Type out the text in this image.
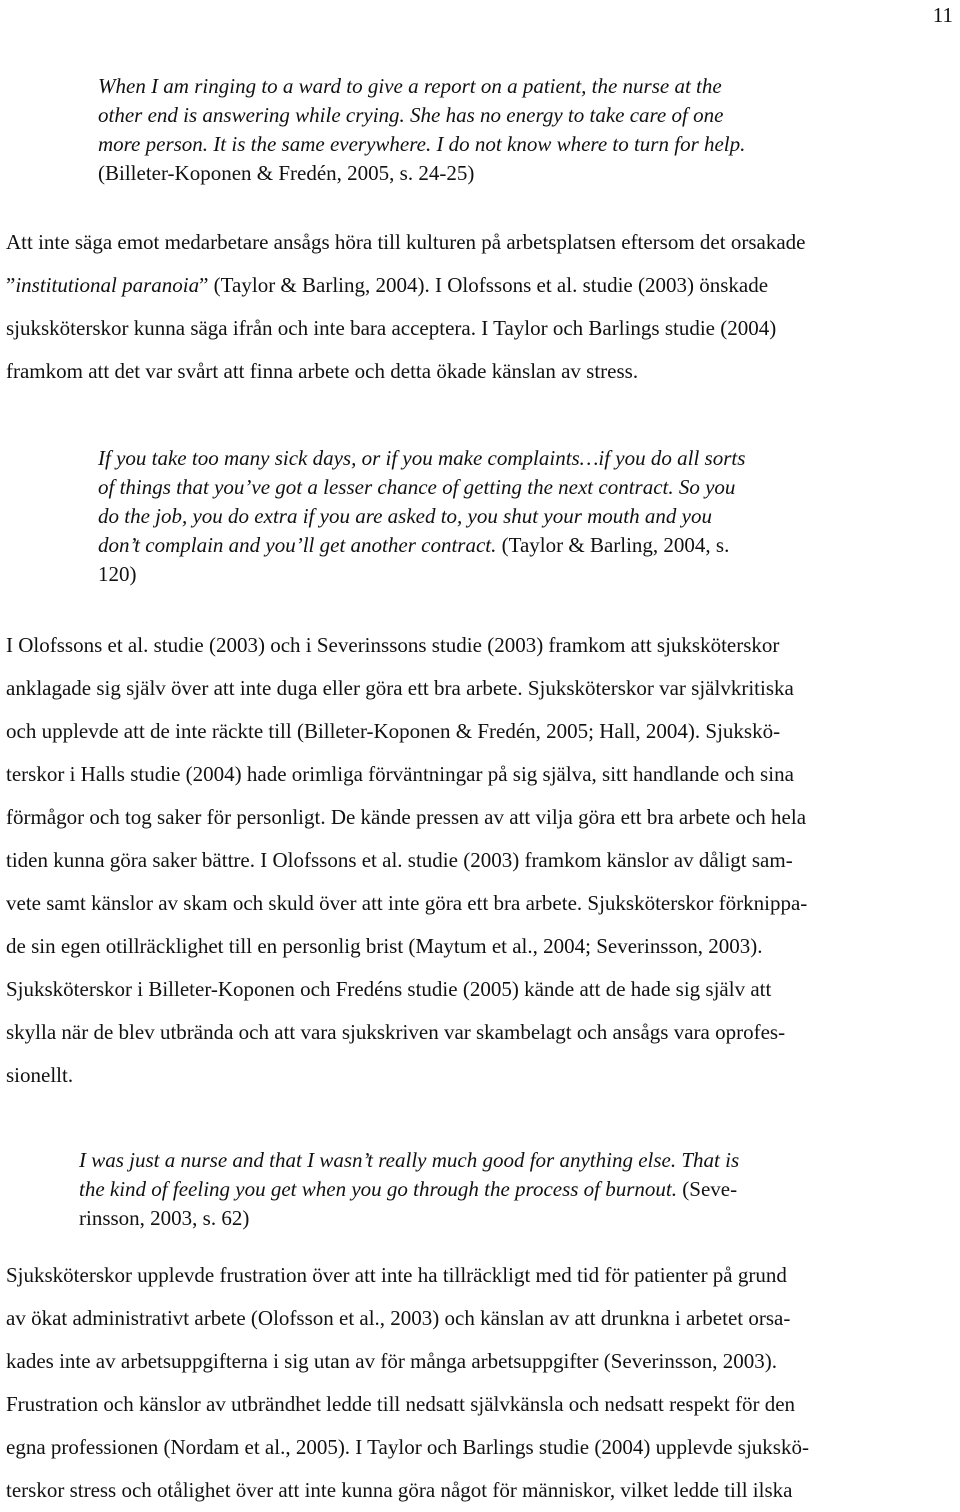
11
When I am ringing to a ward to give a report on a patient, the nurse at the
other end is answering while crying. She has no energy to take care of one
more person. It is the same everywhere. I do not know where to turn for help.
(Billeter-Koponen & Fredén, 2005, s. 24-25)
Att inte säga emot medarbetare ansågs höra till kulturen på arbetsplatsen eftersom det orsakade
”institutional paranoia” (Taylor & Barling, 2004). I Olofssons et al. studie (2003) önskade
sjuksköterskor kunna säga ifrån och inte bara acceptera. I Taylor och Barlings studie (2004)
framkom att det var svårt att finna arbete och detta ökade känslan av stress.
If you take too many sick days, or if you make complaints…if you do all sorts
of things that you’ve got a lesser chance of getting the next contract. So you
do the job, you do extra if you are asked to, you shut your mouth and you
don’t complain and you’ll get another contract. (Taylor & Barling, 2004, s.
120)
I Olofssons et al. studie (2003) och i Severinssons studie (2003) framkom att sjuksköterskor
anklagade sig själv över att inte duga eller göra ett bra arbete. Sjuksköterskor var självkritiska
och upplevde att de inte räckte till (Billeter-Koponen & Fredén, 2005; Hall, 2004). Sjukskö-
terskor i Halls studie (2004) hade orimliga förväntningar på sig själva, sitt handlande och sina
förmågor och tog saker för personligt. De kände pressen av att vilja göra ett bra arbete och hela
tiden kunna göra saker bättre. I Olofssons et al. studie (2003) framkom känslor av dåligt sam-
vete samt känslor av skam och skuld över att inte göra ett bra arbete. Sjuksköterskor förknippa-
de sin egen otillräcklighet till en personlig brist (Maytum et al., 2004; Severinsson, 2003).
Sjuksköterskor i Billeter-Koponen och Fredéns studie (2005) kände att de hade sig själv att
skylla när de blev utbrända och att vara sjukskriven var skambelagt och ansågs vara oprofes-
sionellt.
I was just a nurse and that I wasn’t really much good for anything else. That is
the kind of feeling you get when you go through the process of burnout. (Seve-
rinsson, 2003, s. 62)
Sjuksköterskor upplevde frustration över att inte ha tillräckligt med tid för patienter på grund
av ökat administrativt arbete (Olofsson et al., 2003) och känslan av att drunkna i arbetet orsa-
kades inte av arbetsuppgifterna i sig utan av för många arbetsuppgifter (Severinsson, 2003).
Frustration och känslor av utbrändhet ledde till nedsatt självkänsla och nedsatt respekt för den
egna professionen (Nordam et al., 2005). I Taylor och Barlings studie (2004) upplevde sjukskö-
terskor stress och otålighet över att inte kunna göra något för människor, vilket ledde till ilska
